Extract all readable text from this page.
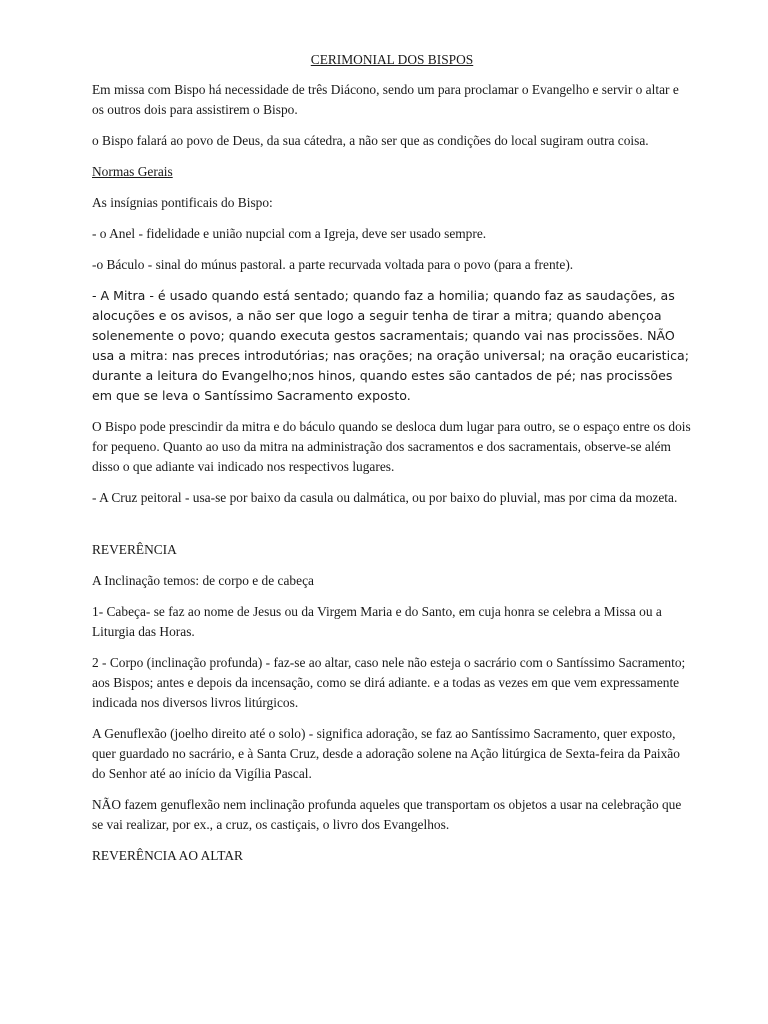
CERIMONIAL DOS BISPOS

Em missa com Bispo há necessidade de três Diácono, sendo um para proclamar o Evangelho e servir o altar e os outros dois para assistirem o Bispo.

o Bispo falará ao povo de Deus, da sua cátedra, a não ser que as condições do local sugiram outra coisa.

Normas Gerais

As insígnias pontificais do Bispo:

- o Anel - fidelidade e união nupcial com a Igreja, deve ser usado sempre.

-o Báculo - sinal do múnus pastoral. a parte recurvada voltada para o povo (para a frente).

- A Mitra - é usado quando está sentado; quando faz a homilia; quando faz as saudações, as alocuções e os avisos, a não ser que logo a seguir tenha de tirar a mitra; quando abençoa solenemente o povo; quando executa gestos sacramentais; quando vai nas procissões. NÃO usa a mitra: nas preces introdutórias; nas orações; na oração universal; na oração eucaristica; durante a leitura do Evangelho;nos hinos, quando estes são cantados de pé; nas procissões em que se leva o Santíssimo Sacramento exposto.

O Bispo pode prescindir da mitra e do báculo quando se desloca dum lugar para outro, se o espaço entre os dois for pequeno. Quanto ao uso da mitra na administração dos sacramentos e dos sacramentais, observe-se além disso o que adiante vai indicado nos respectivos lugares.

- A Cruz peitoral - usa-se por baixo da casula ou dalmática, ou por baixo do pluvial, mas por cima da mozeta.

REVERÊNCIA

A Inclinação temos: de corpo e de cabeça

1- Cabeça- se faz ao nome de Jesus ou da Virgem Maria e do Santo, em cuja honra se celebra a Missa ou a Liturgia das Horas.

2 - Corpo (inclinação profunda) - faz-se ao altar, caso nele não esteja o sacrário com o Santíssimo Sacramento; aos Bispos; antes e depois da incensação, como se dirá adiante. e a todas as vezes em que vem expressamente indicada nos diversos livros litúrgicos.

A Genuflexão (joelho direito até o solo) - significa adoração, se faz ao Santíssimo Sacramento, quer exposto, quer guardado no sacrário, e à Santa Cruz, desde a adoração solene na Ação litúrgica de Sexta-feira da Paixão do Senhor até ao início da Vigília Pascal.

NÃO fazem genuflexão nem inclinação profunda aqueles que transportam os objetos a usar na celebração que se vai realizar, por ex., a cruz, os castiçais, o livro dos Evangelhos.

REVERÊNCIA AO ALTAR
